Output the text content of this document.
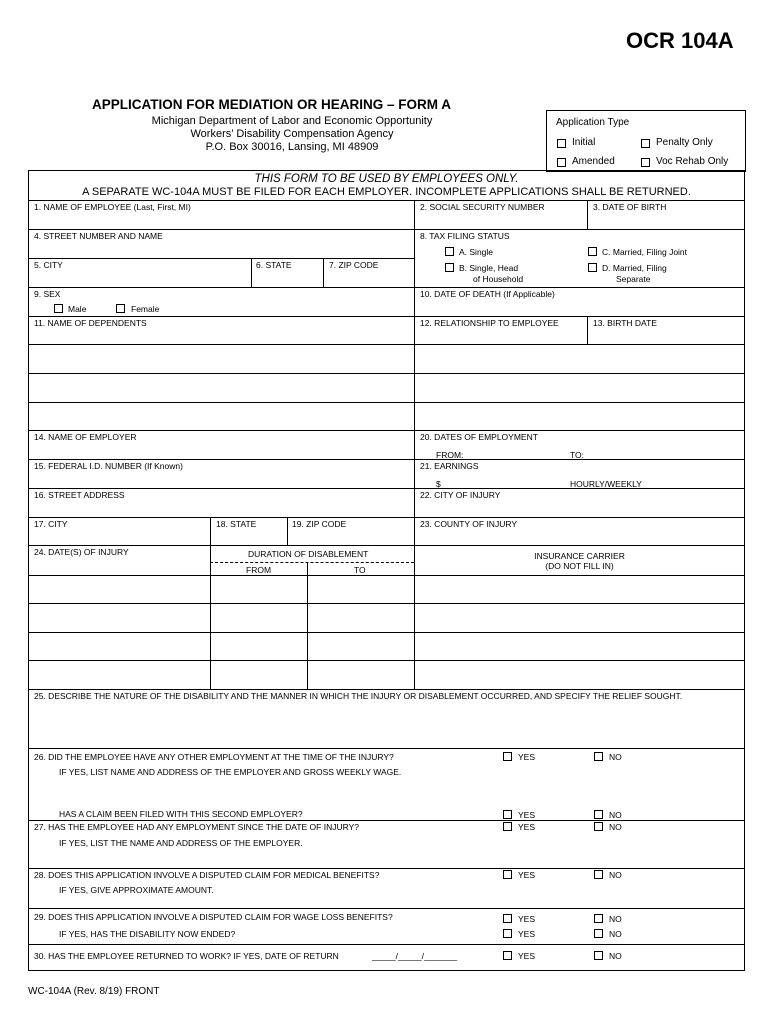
OCR 104A
APPLICATION FOR MEDIATION OR HEARING – FORM A
Michigan Department of Labor and Economic Opportunity
Workers’ Disability Compensation Agency
P.O. Box 30016, Lansing, MI 48909
Application Type
Initial	Penalty Only
Amended	Voc Rehab Only
THIS FORM TO BE USED BY EMPLOYEES ONLY.
A SEPARATE WC-104A MUST BE FILED FOR EACH EMPLOYER. INCOMPLETE APPLICATIONS SHALL BE RETURNED.
1. NAME OF EMPLOYEE (Last, First, MI)	2. SOCIAL SECURITY NUMBER	3. DATE OF BIRTH
4. STREET NUMBER AND NAME	8. TAX FILING STATUS
A. Single
B. Single, Head
of Household
C. Married, Filing Joint
D. Married, Filing
Separate
5. CITY	6. STATE	7. ZIP CODE
9. SEX
Male	Female
10. DATE OF DEATH (If Applicable)
11. NAME OF DEPENDENTS	12. RELATIONSHIP TO EMPLOYEE	13. BIRTH DATE
14. NAME OF EMPLOYER	20. DATES OF EMPLOYMENT
FROM:	TO:
15. FEDERAL I.D. NUMBER (If Known)	21. EARNINGS
$	HOURLY/WEEKLY
16. STREET ADDRESS	22. CITY OF INJURY
17. CITY	18. STATE	19. ZIP CODE	23. COUNTY OF INJURY
24. DATE(S) OF INJURY	DURATION OF DISABLEMENT
FROM	TO
INSURANCE CARRIER
(DO NOT FILL IN)
25. DESCRIBE THE NATURE OF THE DISABILITY AND THE MANNER IN WHICH THE INJURY OR DISABLEMENT OCCURRED, AND SPECIFY THE RELIEF SOUGHT.
26. DID THE EMPLOYEE HAVE ANY OTHER EMPLOYMENT AT THE TIME OF THE INJURY?
IF YES, LIST NAME AND ADDRESS OF THE EMPLOYER AND GROSS WEEKLY WAGE.
YES	NO
HAS A CLAIM BEEN FILED WITH THIS SECOND EMPLOYER?	YES	NO
27. HAS THE EMPLOYEE HAD ANY EMPLOYMENT SINCE THE DATE OF INJURY?
IF YES, LIST THE NAME AND ADDRESS OF THE EMPLOYER.
YES	NO
28. DOES THIS APPLICATION INVOLVE A DISPUTED CLAIM FOR MEDICAL BENEFITS?
IF YES, GIVE APPROXIMATE AMOUNT.
YES	NO
29. DOES THIS APPLICATION INVOLVE A DISPUTED CLAIM FOR WAGE LOSS BENEFITS?
IF YES, HAS THE DISABILITY NOW ENDED?
YES	NO
YES	NO
30. HAS THE EMPLOYEE RETURNED TO WORK? IF YES, DATE OF RETURN	_____/_____/_______	YES	NO
WC-104A (Rev. 8/19) FRONT
